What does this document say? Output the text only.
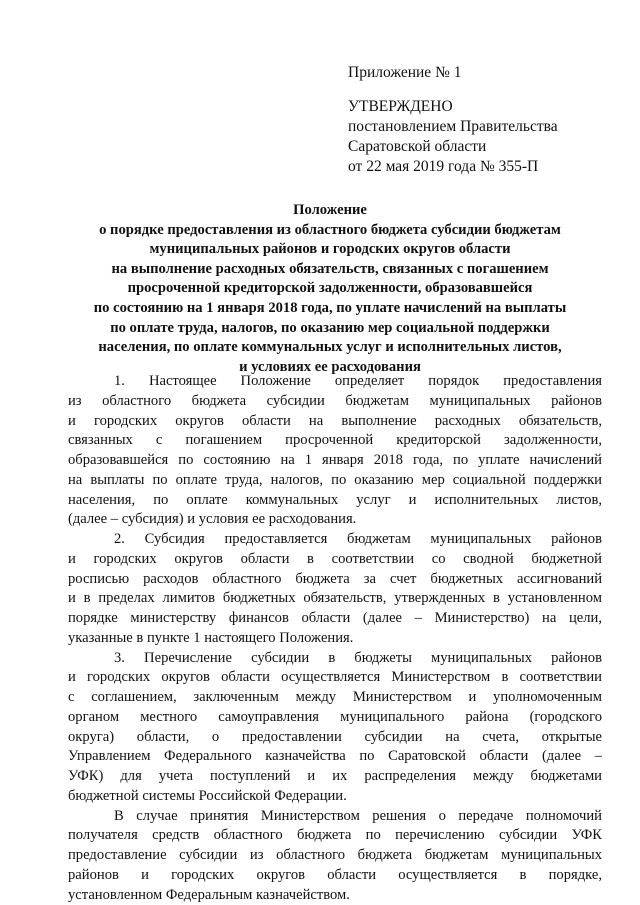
Приложение № 1
УТВЕРЖДЕНО
постановлением Правительства
Саратовской области
от 22 мая 2019 года № 355-П
Положение
о порядке предоставления из областного бюджета субсидии бюджетам
муниципальных районов и городских округов области
на выполнение расходных обязательств, связанных с погашением
просроченной кредиторской задолженности, образовавшейся
по состоянию на 1 января 2018 года, по уплате начислений на выплаты
по оплате труда, налогов, по оказанию мер социальной поддержки
населения, по оплате коммунальных услуг и исполнительных листов,
и условиях ее расходования
1. Настоящее Положение определяет порядок предоставления
из областного бюджета субсидии бюджетам муниципальных районов
и городских округов области на выполнение расходных обязательств,
связанных с погашением просроченной кредиторской задолженности,
образовавшейся по состоянию на 1 января 2018 года, по уплате начислений
на выплаты по оплате труда, налогов, по оказанию мер социальной поддержки
населения, по оплате коммунальных услуг и исполнительных листов,
(далее – субсидия) и условия ее расходования.
2. Субсидия предоставляется бюджетам муниципальных районов
и городских округов области в соответствии со сводной бюджетной
росписью расходов областного бюджета за счет бюджетных ассигнований
и в пределах лимитов бюджетных обязательств, утвержденных в установленном
порядке министерству финансов области (далее – Министерство) на цели,
указанные в пункте 1 настоящего Положения.
3. Перечисление субсидии в бюджеты муниципальных районов
и городских округов области осуществляется Министерством в соответствии
с соглашением, заключенным между Министерством и уполномоченным
органом местного самоуправления муниципального района (городского
округа) области, о предоставлении субсидии на счета, открытые
Управлением Федерального казначейства по Саратовской области (далее –
УФК) для учета поступлений и их распределения между бюджетами
бюджетной системы Российской Федерации.
В случае принятия Министерством решения о передаче полномочий
получателя средств областного бюджета по перечислению субсидии УФК
предоставление субсидии из областного бюджета бюджетам муниципальных
районов и городских округов области осуществляется в порядке,
установленном Федеральным казначейством.
